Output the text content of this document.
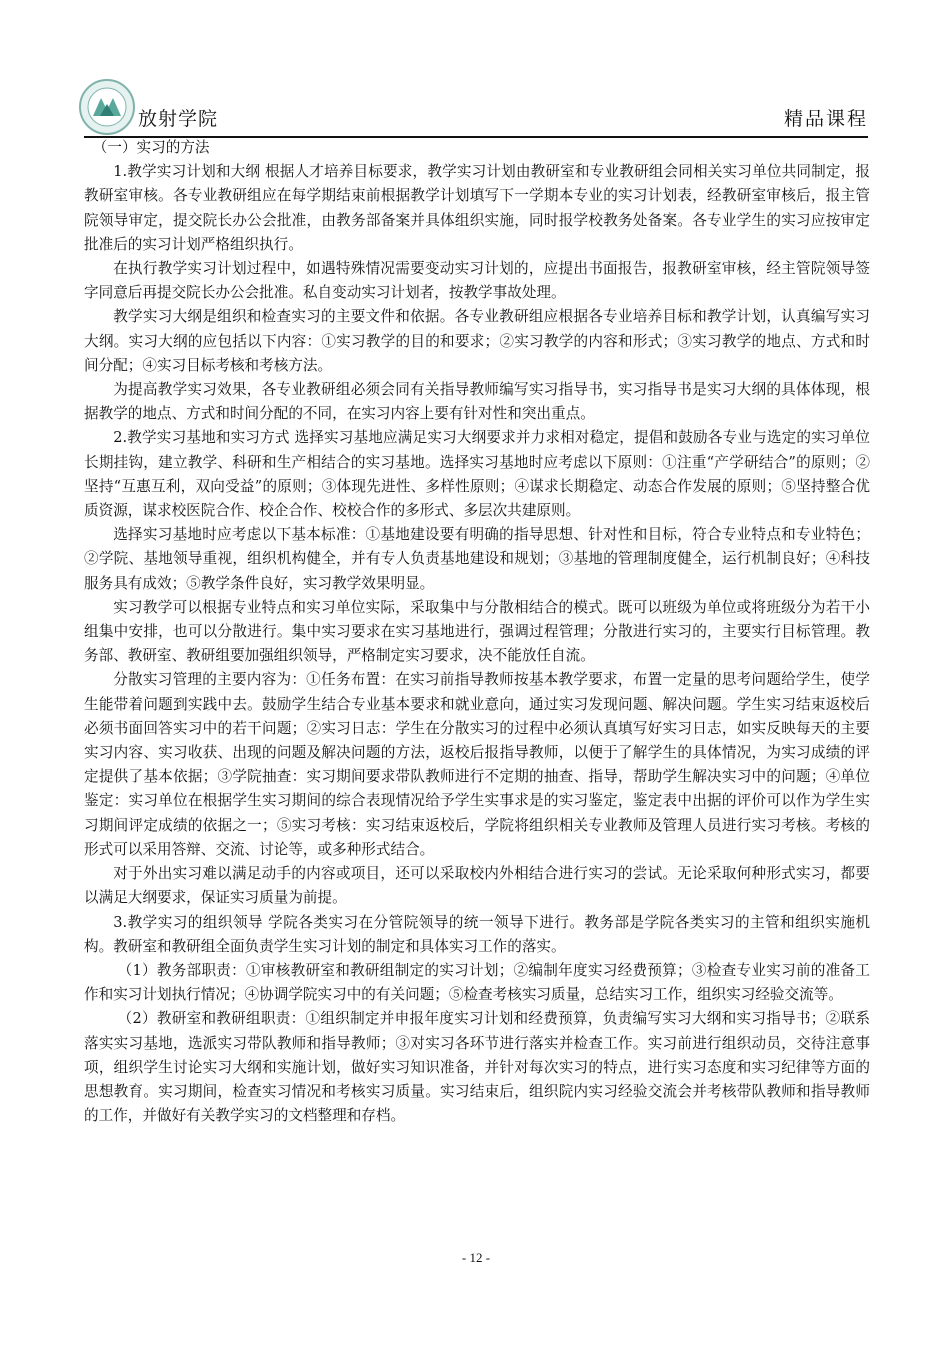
放射学院	精品课程

（一）实习的方法

1.教学实习计划和大纲 根据人才培养目标要求，教学实习计划由教研室和专业教研组会同相关实习单位共同制定，报教研室审核。各专业教研组应在每学期结束前根据教学计划填写下一学期本专业的实习计划表，经教研室审核后，报主管院领导审定，提交院长办公会批准，由教务部备案并具体组织实施，同时报学校教务处备案。各专业学生的实习应按审定批准后的实习计划严格组织执行。

在执行教学实习计划过程中，如遇特殊情况需要变动实习计划的，应提出书面报告，报教研室审核，经主管院领导签字同意后再提交院长办公会批准。私自变动实习计划者，按教学事故处理。

教学实习大纲是组织和检查实习的主要文件和依据。各专业教研组应根据各专业培养目标和教学计划，认真编写实习大纲。实习大纲的应包括以下内容：①实习教学的目的和要求；②实习教学的内容和形式；③实习教学的地点、方式和时间分配；④实习目标考核和考核方法。

为提高教学实习效果，各专业教研组必须会同有关指导教师编写实习指导书，实习指导书是实习大纲的具体体现，根据教学的地点、方式和时间分配的不同，在实习内容上要有针对性和突出重点。

2.教学实习基地和实习方式 选择实习基地应满足实习大纲要求并力求相对稳定，提倡和鼓励各专业与选定的实习单位长期挂钩，建立教学、科研和生产相结合的实习基地。选择实习基地时应考虑以下原则：①注重“产学研结合”的原则；②坚持“互惠互利，双向受益”的原则；③体现先进性、多样性原则；④谋求长期稳定、动态合作发展的原则；⑤坚持整合优质资源，谋求校医院合作、校企合作、校校合作的多形式、多层次共建原则。

选择实习基地时应考虑以下基本标准：①基地建设要有明确的指导思想、针对性和目标，符合专业特点和专业特色；②学院、基地领导重视，组织机构健全，并有专人负责基地建设和规划；③基地的管理制度健全，运行机制良好；④科技服务具有成效；⑤教学条件良好，实习教学效果明显。

实习教学可以根据专业特点和实习单位实际，采取集中与分散相结合的模式。既可以班级为单位或将班级分为若干小组集中安排，也可以分散进行。集中实习要求在实习基地进行，强调过程管理；分散进行实习的，主要实行目标管理。教务部、教研室、教研组要加强组织领导，严格制定实习要求，决不能放任自流。

分散实习管理的主要内容为：①任务布置：在实习前指导教师按基本教学要求，布置一定量的思考问题给学生，使学生能带着问题到实践中去。鼓励学生结合专业基本要求和就业意向，通过实习发现问题、解决问题。学生实习结束返校后必须书面回答实习中的若干问题；②实习日志：学生在分散实习的过程中必须认真填写好实习日志，如实反映每天的主要实习内容、实习收获、出现的问题及解决问题的方法，返校后报指导教师，以便于了解学生的具体情况，为实习成绩的评定提供了基本依据；③学院抽查：实习期间要求带队教师进行不定期的抽查、指导，帮助学生解决实习中的问题；④单位鉴定：实习单位在根据学生实习期间的综合表现情况给予学生实事求是的实习鉴定，鉴定表中出据的评价可以作为学生实习期间评定成绩的依据之一；⑤实习考核：实习结束返校后，学院将组织相关专业教师及管理人员进行实习考核。考核的形式可以采用答辩、交流、讨论等，或多种形式结合。

对于外出实习难以满足动手的内容或项目，还可以采取校内外相结合进行实习的尝试。无论采取何种形式实习，都要以满足大纲要求，保证实习质量为前提。

3.教学实习的组织领导 学院各类实习在分管院领导的统一领导下进行。教务部是学院各类实习的主管和组织实施机构。教研室和教研组全面负责学生实习计划的制定和具体实习工作的落实。

（1）教务部职责：①审核教研室和教研组制定的实习计划；②编制年度实习经费预算；③检查专业实习前的准备工作和实习计划执行情况；④协调学院实习中的有关问题；⑤检查考核实习质量，总结实习工作，组织实习经验交流等。

（2）教研室和教研组职责：①组织制定并申报年度实习计划和经费预算，负责编写实习大纲和实习指导书；②联系落实实习基地，选派实习带队教师和指导教师；③对实习各环节进行落实并检查工作。实习前进行组织动员，交待注意事项，组织学生讨论实习大纲和实施计划，做好实习知识准备，并针对每次实习的特点，进行实习态度和实习纪律等方面的思想教育。实习期间，检查实习情况和考核实习质量。实习结束后，组织院内实习经验交流会并考核带队教师和指导教师的工作，并做好有关教学实习的文档整理和存档。

- 12 -
